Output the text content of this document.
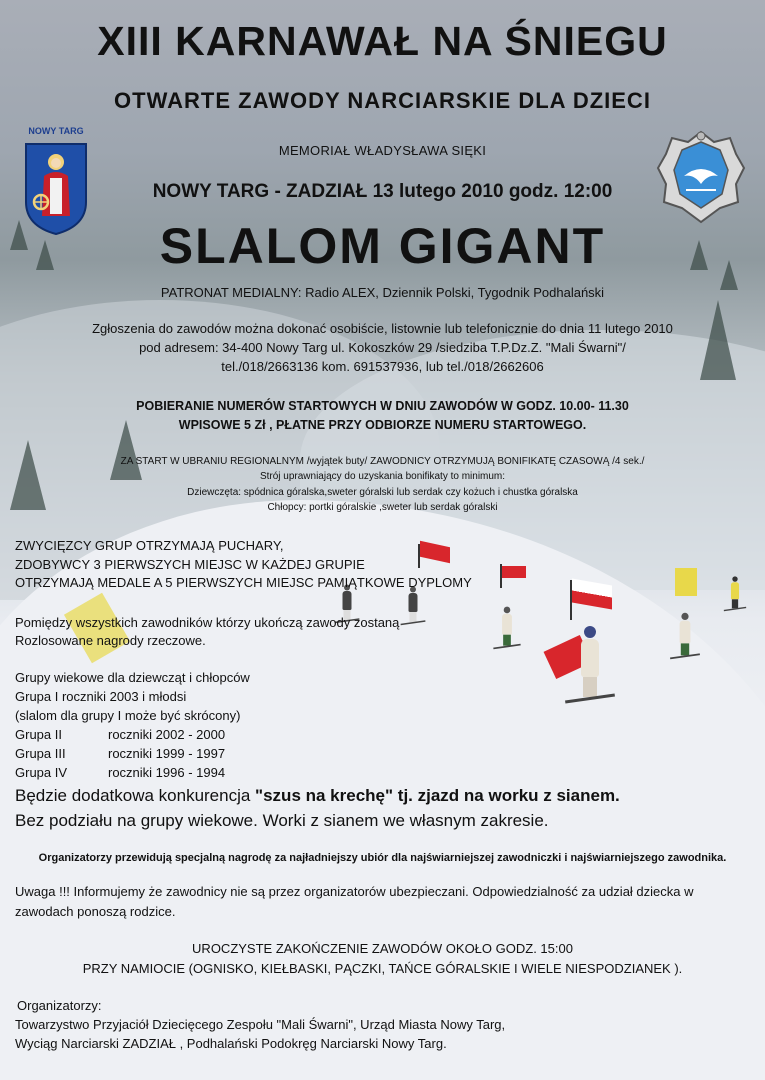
NOWY TARG
XIII KARNAWAŁ NA ŚNIEGU
OTWARTE ZAWODY NARCIARSKIE DLA DZIECI
MEMORIAŁ WŁADYSŁAWA SIĘKI
NOWY TARG - ZADZIAŁ 13 lutego 2010 godz. 12:00
SLALOM GIGANT
PATRONAT MEDIALNY: Radio ALEX, Dziennik Polski, Tygodnik Podhalański
Zgłoszenia do zawodów można dokonać osobiście, listownie lub telefonicznie do dnia 11 lutego 2010
pod adresem: 34-400 Nowy Targ ul. Kokoszków 29 /siedziba T.P.Dz.Z. "Mali Śwarni"/
tel./018/2663136 kom. 691537936, lub tel./018/2662606
POBIERANIE NUMERÓW STARTOWYCH W DNIU ZAWODÓW W GODZ. 10.00- 11.30
WPISOWE 5 Zł , PŁATNE PRZY ODBIORZE NUMERU STARTOWEGO.
ZA START W UBRANIU REGIONALNYM /wyjątek buty/ ZAWODNICY OTRZYMUJĄ BONIFIKATĘ CZASOWĄ /4 sek./
Strój uprawniający do uzyskania bonifikaty to minimum:
Dziewczęta: spódnica góralska,sweter góralski lub serdak czy kożuch i chustka góralska
Chłopcy: portki góralskie ,sweter lub serdak góralski
ZWYCIĘZCY GRUP OTRZYMAJĄ PUCHARY,
ZDOBYWCY 3 PIERWSZYCH MIEJSC W KAŻDEJ GRUPIE
OTRZYMAJĄ MEDALE A 5 PIERWSZYCH MIEJSC PAMIĄTKOWE DYPLOMY
Pomiędzy wszystkich zawodników którzy ukończą zawody zostaną
Rozlosowane nagrody rzeczowe.
Grupy wiekowe dla dziewcząt i chłopców
Grupa I roczniki 2003 i młodsi
(slalom dla grupy I może być skrócony)
Grupa II	roczniki 2002 - 2000
Grupa III	roczniki 1999 - 1997
Grupa IV	roczniki 1996 - 1994
Będzie dodatkowa konkurencja "szus na krechę" tj. zjazd na worku z sianem.
Bez podziału na grupy wiekowe. Worki z sianem we własnym zakresie.
Organizatorzy przewidują specjalną nagrodę za najładniejszy ubiór dla najświarniejszej zawodniczki i najświarniejszego zawodnika.
Uwaga !!! Informujemy że zawodnicy nie są przez organizatorów ubezpieczani. Odpowiedzialność za udział dziecka w
zawodach ponoszą rodzice.
UROCZYSTE ZAKOŃCZENIE ZAWODÓW OKOŁO GODZ. 15:00
PRZY NAMIOCIE (OGNISKO, KIEŁBASKI, PĄCZKI, TAŃCE GÓRALSKIE I WIELE NIESPODZIANEK ).
Organizatorzy:
Towarzystwo Przyjaciół Dziecięcego Zespołu "Mali Śwarni", Urząd Miasta Nowy Targ,
Wyciąg Narciarski ZADZIAŁ , Podhalański Podokręg Narciarski Nowy Targ.
